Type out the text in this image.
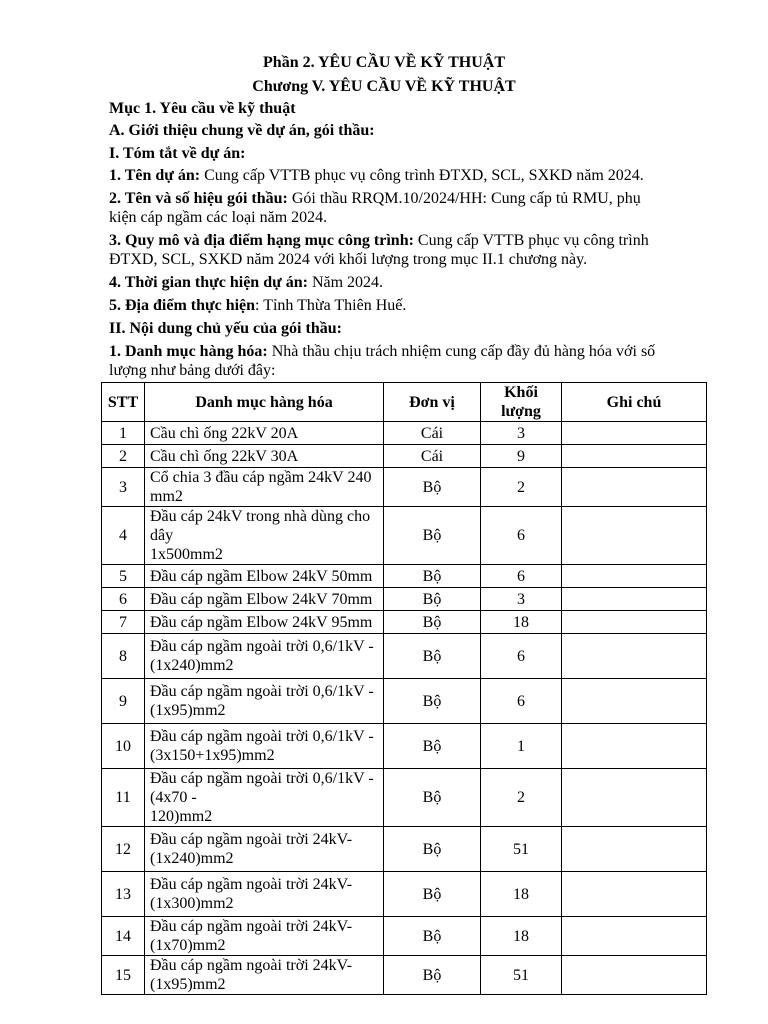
Phần 2. YÊU CẦU VỀ KỸ THUẬT
Chương V. YÊU CẦU VỀ KỸ THUẬT
Mục 1. Yêu cầu về kỹ thuật
A. Giới thiệu chung về dự án, gói thầu:
I. Tóm tắt về dự án:
1. Tên dự án: Cung cấp VTTB phục vụ công trình ĐTXD, SCL, SXKD năm 2024.
2. Tên và số hiệu gói thầu: Gói thầu RRQM.10/2024/HH: Cung cấp tủ RMU, phụ
kiện cáp ngầm các loại năm 2024.
3. Quy mô và địa điểm hạng mục công trình: Cung cấp VTTB phục vụ công trình
ĐTXD, SCL, SXKD năm 2024 với khối lượng trong mục II.1 chương này.
4. Thời gian thực hiện dự án: Năm 2024.
5. Địa điểm thực hiện: Tỉnh Thừa Thiên Huế.
II. Nội dung chủ yếu của gói thầu:
1. Danh mục hàng hóa: Nhà thầu chịu trách nhiệm cung cấp đầy đủ hàng hóa với số
lượng như bảng dưới đây:
STT	Danh mục hàng hóa	Đơn vị	Khối
lượng	Ghi chú
1	Cầu chì ống 22kV 20A	Cái	3	
2	Cầu chì ống 22kV 30A	Cái	9	
3	Cổ chia 3 đầu cáp ngầm 24kV 240 mm2	Bộ	2	
4	Đầu cáp 24kV trong nhà dùng cho dây
1x500mm2	Bộ	6	
5	Đầu cáp ngầm Elbow 24kV 50mm	Bộ	6	
6	Đầu cáp ngầm Elbow 24kV 70mm	Bộ	3	
7	Đầu cáp ngầm Elbow 24kV 95mm	Bộ	18	
8	Đầu cáp ngầm ngoài trời 0,6/1kV -
(1x240)mm2	Bộ	6	
9	Đầu cáp ngầm ngoài trời 0,6/1kV -
(1x95)mm2	Bộ	6	
10	Đầu cáp ngầm ngoài trời 0,6/1kV -
(3x150+1x95)mm2	Bộ	1	
11	Đầu cáp ngầm ngoài trời 0,6/1kV - (4x70 -
120)mm2	Bộ	2	
12	Đầu cáp ngầm ngoài trời 24kV-
(1x240)mm2	Bộ	51	
13	Đầu cáp ngầm ngoài trời 24kV-
(1x300)mm2	Bộ	18	
14	Đầu cáp ngầm ngoài trời 24kV- (1x70)mm2	Bộ	18	
15	Đầu cáp ngầm ngoài trời 24kV- (1x95)mm2	Bộ	51	
